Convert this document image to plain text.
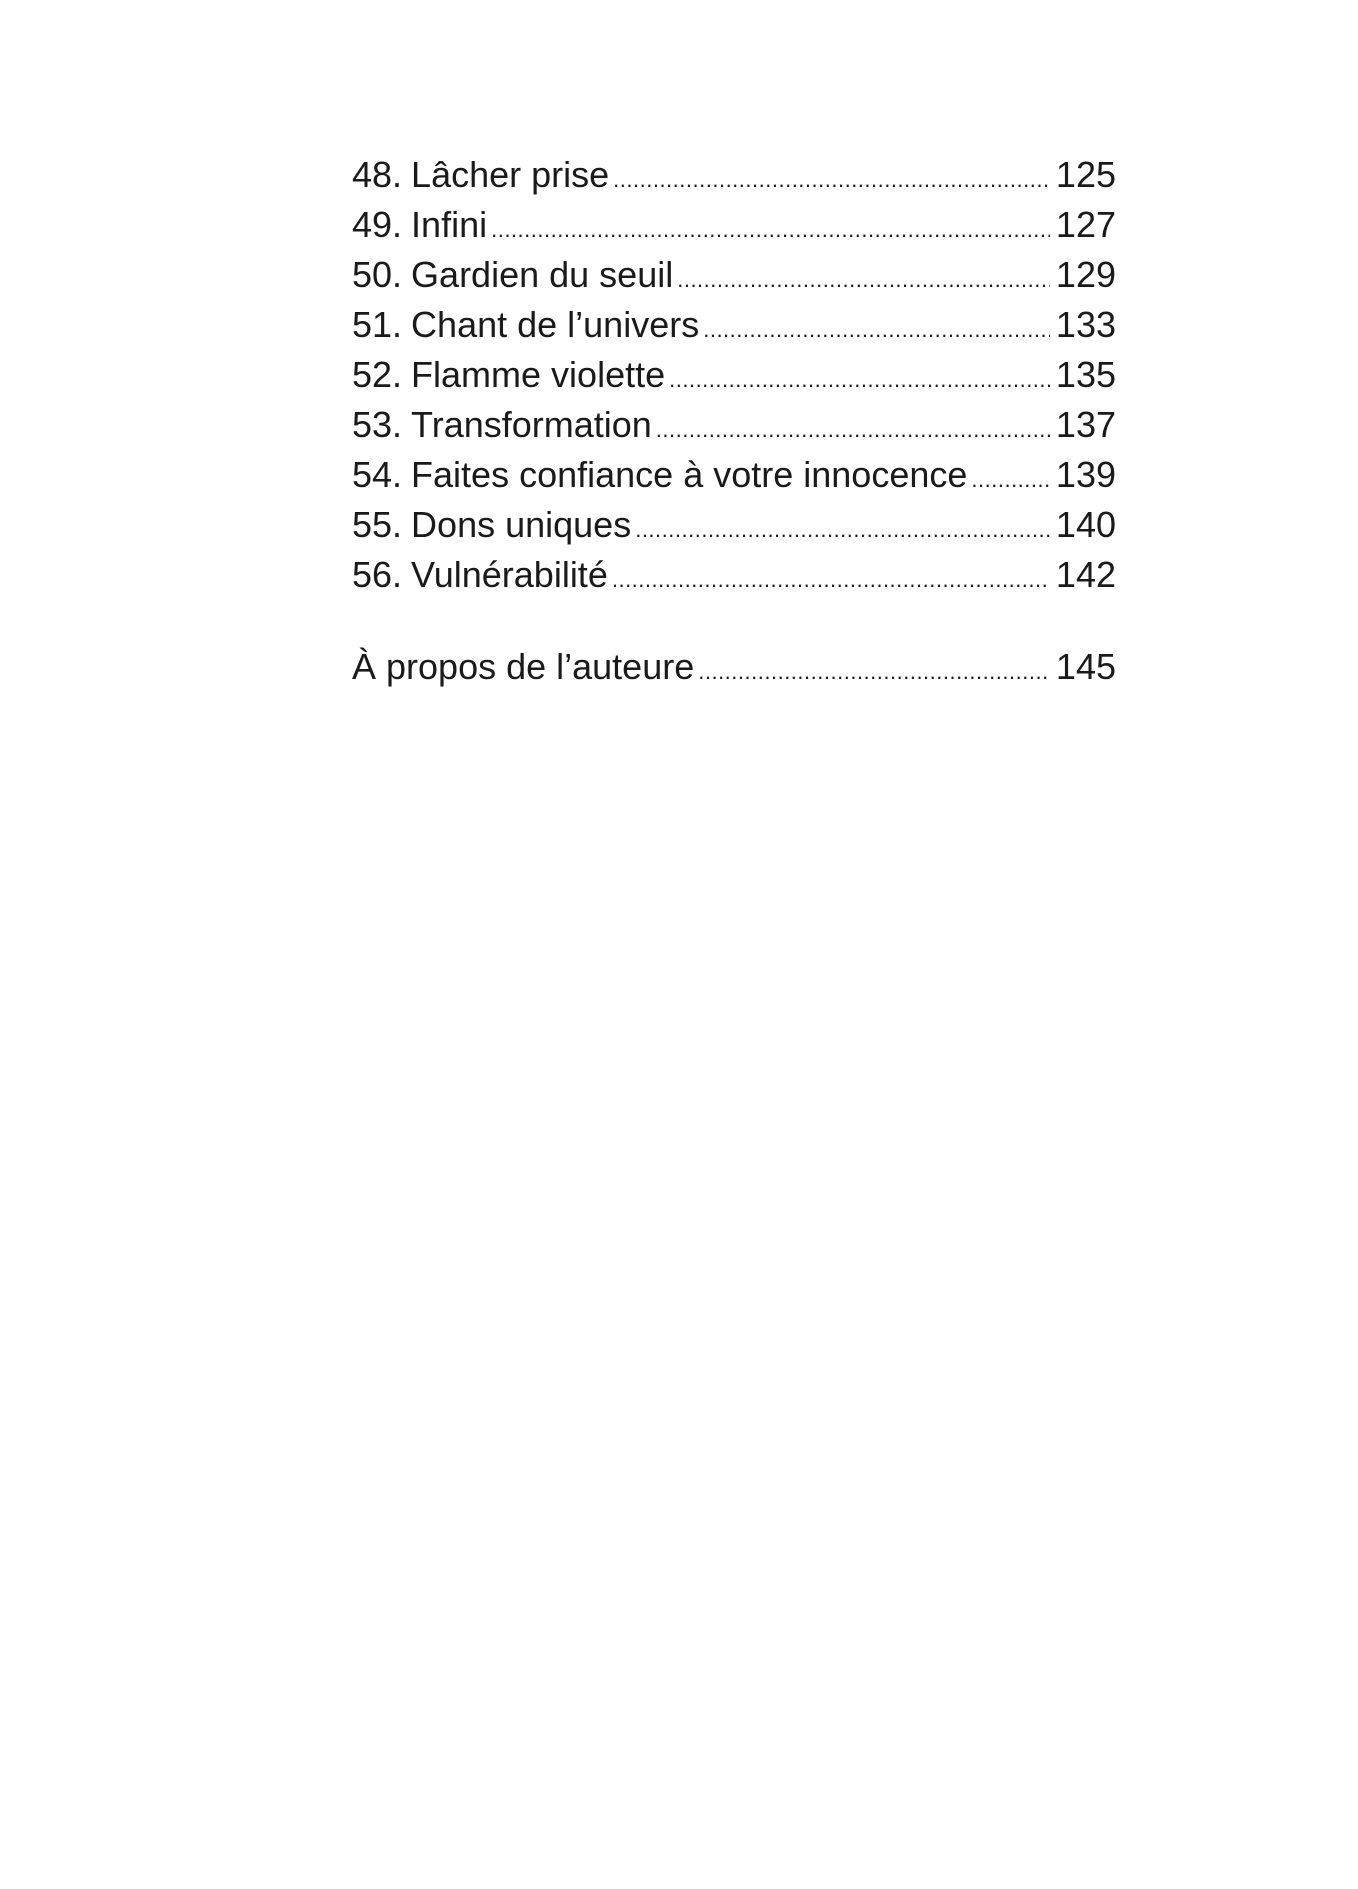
48. Lâcher prise .....	125
49. Infini .....	127
50. Gardien du seuil .....	129
51. Chant de l’univers .....	133
52. Flamme violette .....	135
53. Transformation .....	137
54. Faites confiance à votre innocence ..... 139
55. Dons uniques .....	140
56. Vulnérabilité .....	142
À propos de l’auteure .....	145
